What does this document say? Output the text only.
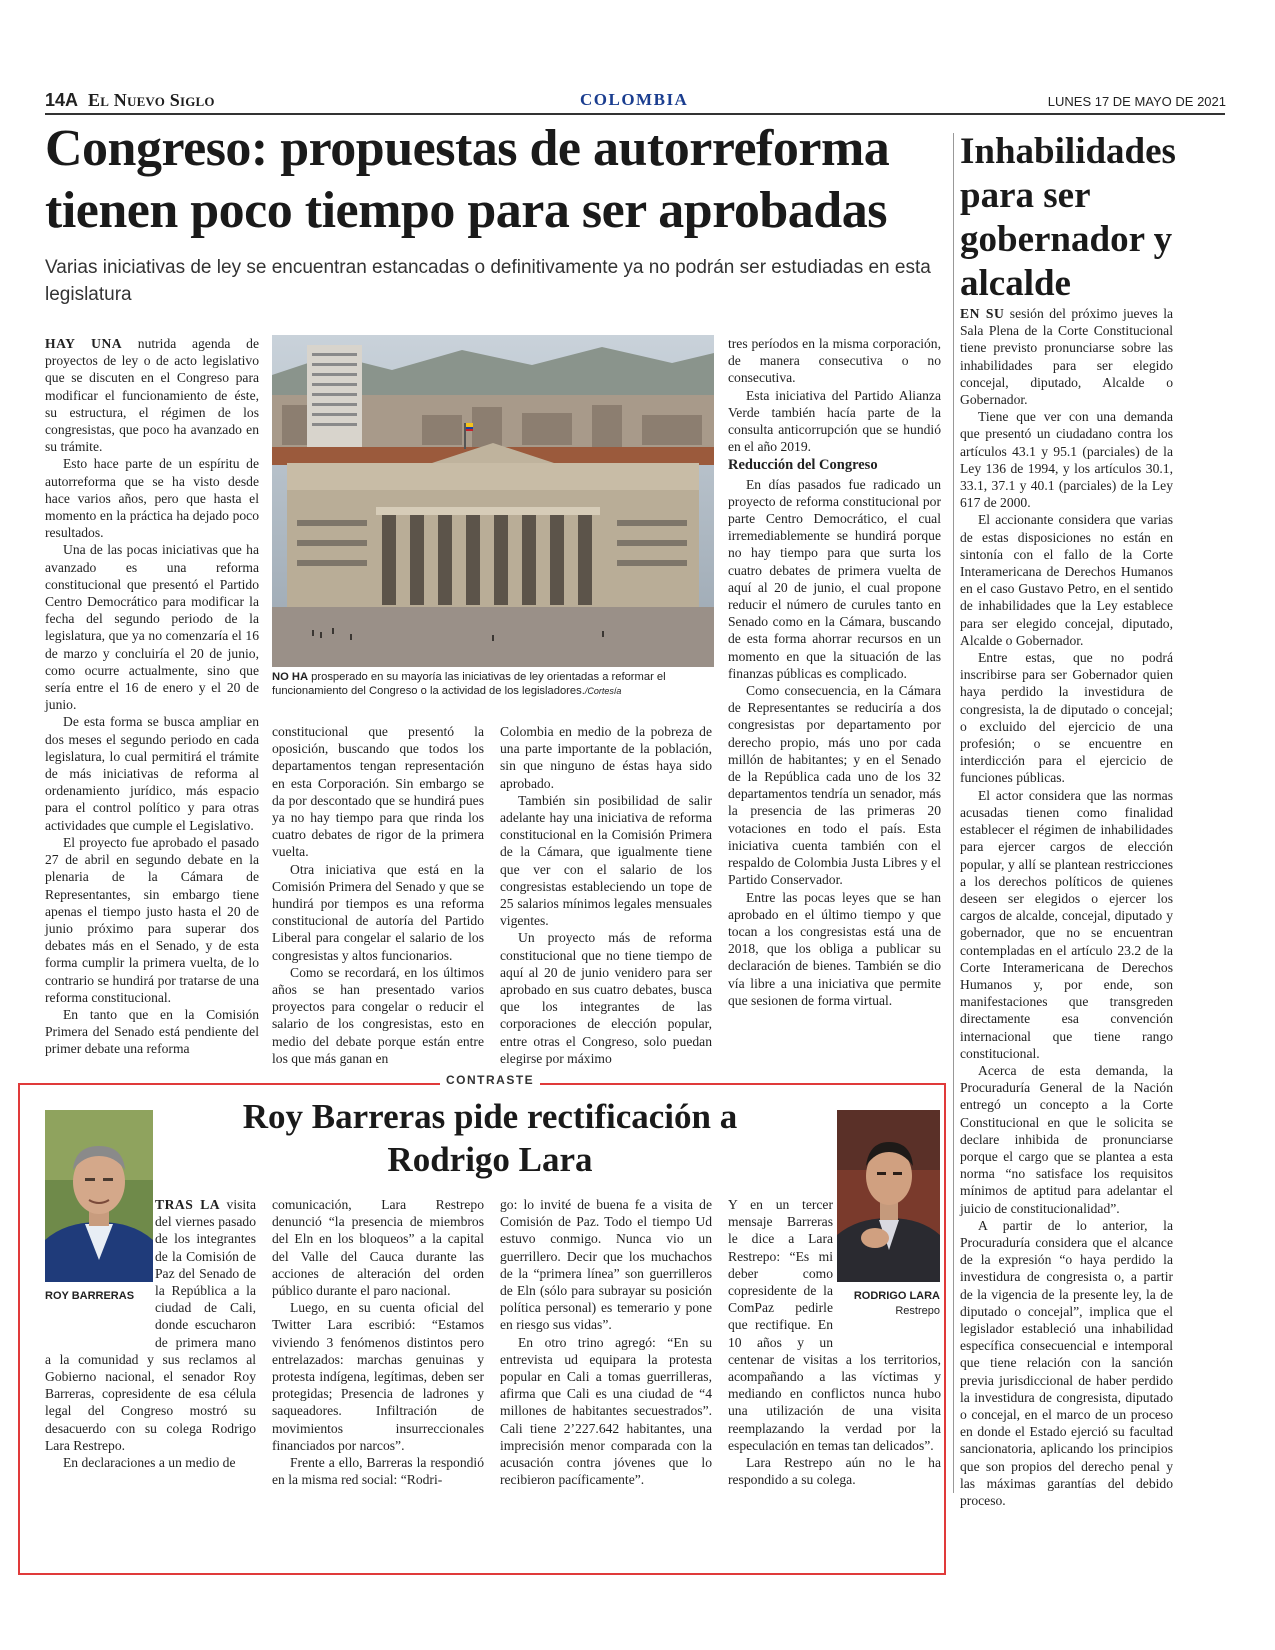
14A El Nuevo Siglo	COLOMBIA	LUNES 17 DE MAYO DE 2021
Congreso: propuestas de autorreforma tienen poco tiempo para ser aprobadas
Varias iniciativas de ley se encuentran estancadas o definitivamente ya no podrán ser estudiadas en esta legislatura

HAY UNA nutrida agenda de proyectos de ley o de acto legislativo que se discuten en el Congreso para modificar el funcionamiento de éste, su estructura, el régimen de los congresistas, que poco ha avanzado en su trámite.

Esto hace parte de un espíritu de autorreforma que se ha visto desde hace varios años, pero que hasta el momento en la práctica ha dejado poco resultados.

Una de las pocas iniciativas que ha avanzado es una reforma constitucional que presentó el Partido Centro Democrático para modificar la fecha del segundo periodo de la legislatura, que ya no comenzaría el 16 de marzo y concluiría el 20 de junio, como ocurre actualmente, sino que sería entre el 16 de enero y el 20 de junio.

De esta forma se busca ampliar en dos meses el segundo periodo en cada legislatura, lo cual permitirá el trámite de más iniciativas de reforma al ordenamiento jurídico, más espacio para el control político y para otras actividades que cumple el Legislativo.

El proyecto fue aprobado el pasado 27 de abril en segundo debate en la plenaria de la Cámara de Representantes, sin embargo tiene apenas el tiempo justo hasta el 20 de junio próximo para superar dos debates más en el Senado, y de esta forma cumplir la primera vuelta, de lo contrario se hundirá por tratarse de una reforma constitucional.

En tanto que en la Comisión Primera del Senado está pendiente del primer debate una reforma

NO HA prosperado en su mayoría las iniciativas de ley orientadas a reformar el funcionamiento del Congreso o la actividad de los legisladores./Cortesía

constitucional que presentó la oposición, buscando que todos los departamentos tengan representación en esta Corporación. Sin embargo se da por descontado que se hundirá pues ya no hay tiempo para que rinda los cuatro debates de rigor de la primera vuelta.

Otra iniciativa que está en la Comisión Primera del Senado y que se hundirá por tiempos es una reforma constitucional de autoría del Partido Liberal para congelar el salario de los congresistas y altos funcionarios.

Como se recordará, en los últimos años se han presentado varios proyectos para congelar o reducir el salario de los congresistas, esto en medio del debate porque están entre los que más ganan en

Colombia en medio de la pobreza de una parte importante de la población, sin que ninguno de éstas haya sido aprobado.

También sin posibilidad de salir adelante hay una iniciativa de reforma constitucional en la Comisión Primera de la Cámara, que igualmente tiene que ver con el salario de los congresistas estableciendo un tope de 25 salarios mínimos legales mensuales vigentes.

Un proyecto más de reforma constitucional que no tiene tiempo de aquí al 20 de junio venidero para ser aprobado en sus cuatro debates, busca que los integrantes de las corporaciones de elección popular, entre otras el Congreso, solo puedan elegirse por máximo

tres períodos en la misma corporación, de manera consecutiva o no consecutiva.

Esta iniciativa del Partido Alianza Verde también hacía parte de la consulta anticorrupción que se hundió en el año 2019.

Reducción del Congreso

En días pasados fue radicado un proyecto de reforma constitucional por parte Centro Democrático, el cual irremediablemente se hundirá porque no hay tiempo para que surta los cuatro debates de primera vuelta de aquí al 20 de junio, el cual propone reducir el número de curules tanto en Senado como en la Cámara, buscando de esta forma ahorrar recursos en un momento en que la situación de las finanzas públicas es complicado.

Como consecuencia, en la Cámara de Representantes se reduciría a dos congresistas por departamento por derecho propio, más uno por cada millón de habitantes; y en el Senado de la República cada uno de los 32 departamentos tendría un senador, más la presencia de las primeras 20 votaciones en todo el país. Esta iniciativa cuenta también con el respaldo de Colombia Justa Libres y el Partido Conservador.

Entre las pocas leyes que se han aprobado en el último tiempo y que tocan a los congresistas está una de 2018, que los obliga a publicar su declaración de bienes. También se dio vía libre a una iniciativa que permite que sesionen de forma virtual.

Inhabilidades para ser gobernador y alcalde

EN SU sesión del próximo jueves la Sala Plena de la Corte Constitucional tiene previsto pronunciarse sobre las inhabilidades para ser elegido concejal, diputado, Alcalde o Gobernador.

Tiene que ver con una demanda que presentó un ciudadano contra los artículos 43.1 y 95.1 (parciales) de la Ley 136 de 1994, y los artículos 30.1, 33.1, 37.1 y 40.1 (parciales) de la Ley 617 de 2000.

El accionante considera que varias de estas disposiciones no están en sintonía con el fallo de la Corte Interamericana de Derechos Humanos en el caso Gustavo Petro, en el sentido de inhabilidades que la Ley establece para ser elegido concejal, diputado, Alcalde o Gobernador.

Entre estas, que no podrá inscribirse para ser Gobernador quien haya perdido la investidura de congresista, la de diputado o concejal; o excluido del ejercicio de una profesión; o se encuentre en interdicción para el ejercicio de funciones públicas.

El actor considera que las normas acusadas tienen como finalidad establecer el régimen de inhabilidades para ejercer cargos de elección popular, y allí se plantean restricciones a los derechos políticos de quienes deseen ser elegidos o ejercer los cargos de alcalde, concejal, diputado y gobernador, que no se encuentran contempladas en el artículo 23.2 de la Corte Interamericana de Derechos Humanos y, por ende, son manifestaciones que transgreden directamente esa convención internacional que tiene rango constitucional.

Acerca de esta demanda, la Procuraduría General de la Nación entregó un concepto a la Corte Constitucional en que le solicita se declare inhibida de pronunciarse porque el cargo que se plantea a esta norma “no satisface los requisitos mínimos de aptitud para adelantar el juicio de constitucionalidad”.

A partir de lo anterior, la Procuraduría considera que el alcance de la expresión “o haya perdido la investidura de congresista o, a partir de la vigencia de la presente ley, la de diputado o concejal”, implica que el legislador estableció una inhabilidad específica consecuencial e intemporal que tiene relación con la sanción previa jurisdiccional de haber perdido la investidura de congresista, diputado o concejal, en el marco de un proceso en donde el Estado ejerció su facultad sancionatoria, aplicando los principios que son propios del derecho penal y las máximas garantías del debido proceso.

CONTRASTE
Roy Barreras pide rectificación a Rodrigo Lara
ROY BARRERAS	RODRIGO LARA
Restrepo

TRAS LA visita del viernes pasado de los integrantes de la Comisión de Paz del Senado de la República a la ciudad de Cali, donde escucharon de primera mano a la comunidad y sus reclamos al Gobierno nacional, el senador Roy Barreras, copresidente de esa célula legal del Congreso mostró su desacuerdo con su colega Rodrigo Lara Restrepo.

En declaraciones a un medio de

comunicación, Lara Restrepo denunció “la presencia de miembros del Eln en los bloqueos” a la capital del Valle del Cauca durante las acciones de alteración del orden público durante el paro nacional.

Luego, en su cuenta oficial del Twitter Lara escribió: “Estamos viviendo 3 fenómenos distintos pero entrelazados: marchas genuinas y protesta indígena, legítimas, deben ser protegidas; Presencia de ladrones y saqueadores. Infiltración de movimientos insurreccionales financiados por narcos”.

Frente a ello, Barreras la respondió en la misma red social: “Rodri-

go: lo invité de buena fe a visita de Comisión de Paz. Todo el tiempo Ud estuvo conmigo. Nunca vio un guerrillero. Decir que los muchachos de la “primera línea” son guerrilleros de Eln (sólo para subrayar su posición política personal) es temerario y pone en riesgo sus vidas”.

En otro trino agregó: “En su entrevista ud equipara la protesta popular en Cali a tomas guerrilleras, afirma que Cali es una ciudad de “4 millones de habitantes secuestrados”. Cali tiene 2’227.642 habitantes, una imprecisión menor comparada con la acusación contra jóvenes que lo recibieron pacíficamente”.

Y en un tercer mensaje Barreras le dice a Lara Restrepo: “Es mi deber como copresidente de la ComPaz pedirle que rectifique. En 10 años y un centenar de visitas a los territorios, acompañando a las víctimas y mediando en conflictos nunca hubo una utilización de una visita reemplazando la verdad por la especulación en temas tan delicados”.

Lara Restrepo aún no le ha respondido a su colega.
